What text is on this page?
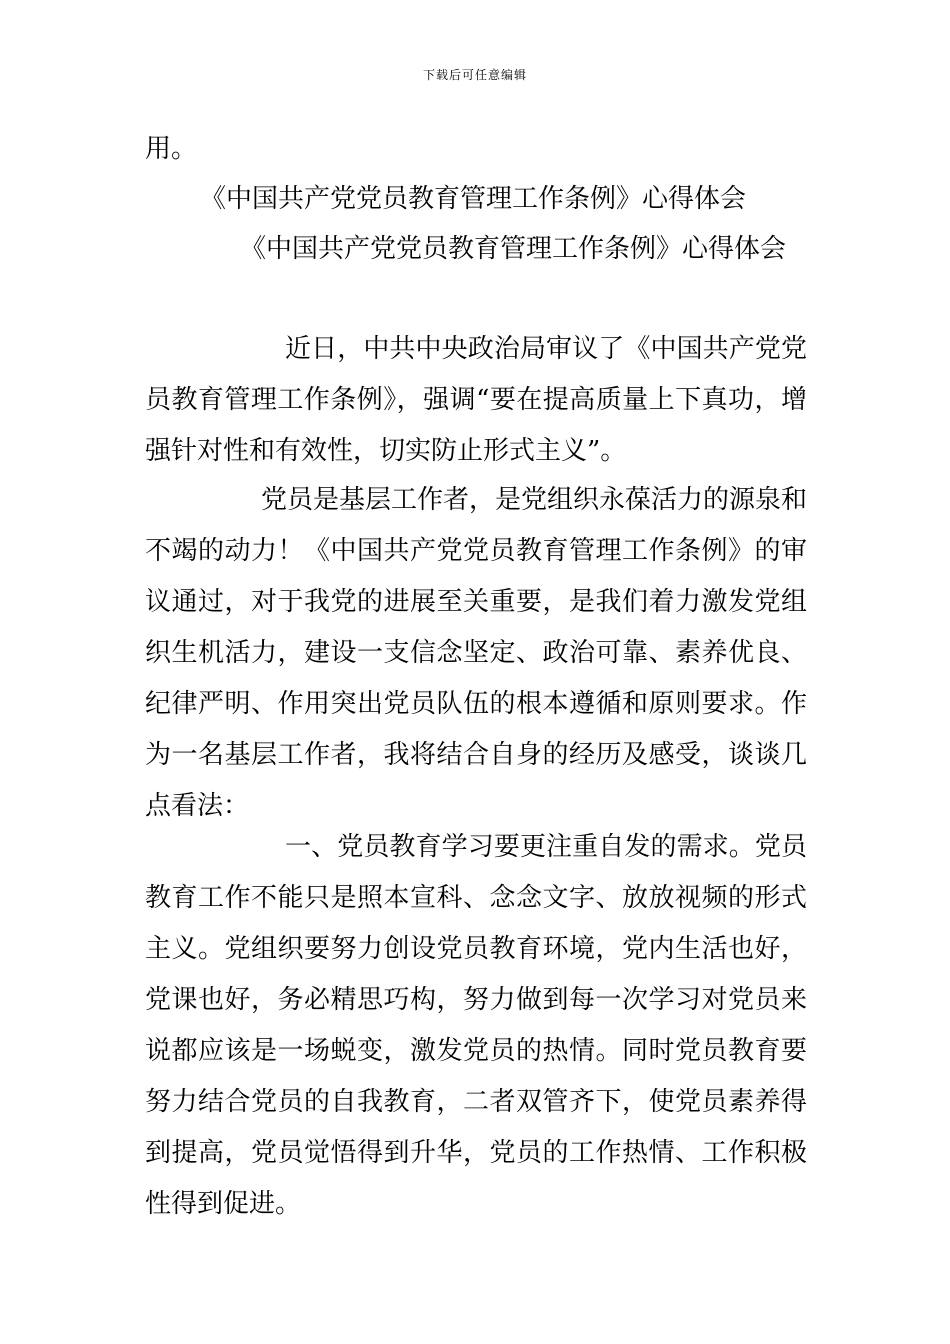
下载后可任意编辑
用。
《中国共产党党员教育管理工作条例》心得体会
《中国共产党党员教育管理工作条例》心得体会
近日，中共中央政治局审议了《中国共产党党员教育管理工作条例》，强调“要在提高质量上下真功，增强针对性和有效性，切实防止形式主义”。
党员是基层工作者，是党组织永葆活力的源泉和不竭的动力！《中国共产党党员教育管理工作条例》的审议通过，对于我党的进展至关重要，是我们着力激发党组织生机活力，建设一支信念坚定、政治可靠、素养优良、纪律严明、作用突出党员队伍的根本遵循和原则要求。作为一名基层工作者，我将结合自身的经历及感受，谈谈几点看法：
一、党员教育学习要更注重自发的需求。党员教育工作不能只是照本宣科、念念文字、放放视频的形式主义。党组织要努力创设党员教育环境，党内生活也好，党课也好，务必精思巧构，努力做到每一次学习对党员来说都应该是一场蜕变，激发党员的热情。同时党员教育要努力结合党员的自我教育，二者双管齐下，使党员素养得到提高，党员觉悟得到升华，党员的工作热情、工作积极性得到促进。
